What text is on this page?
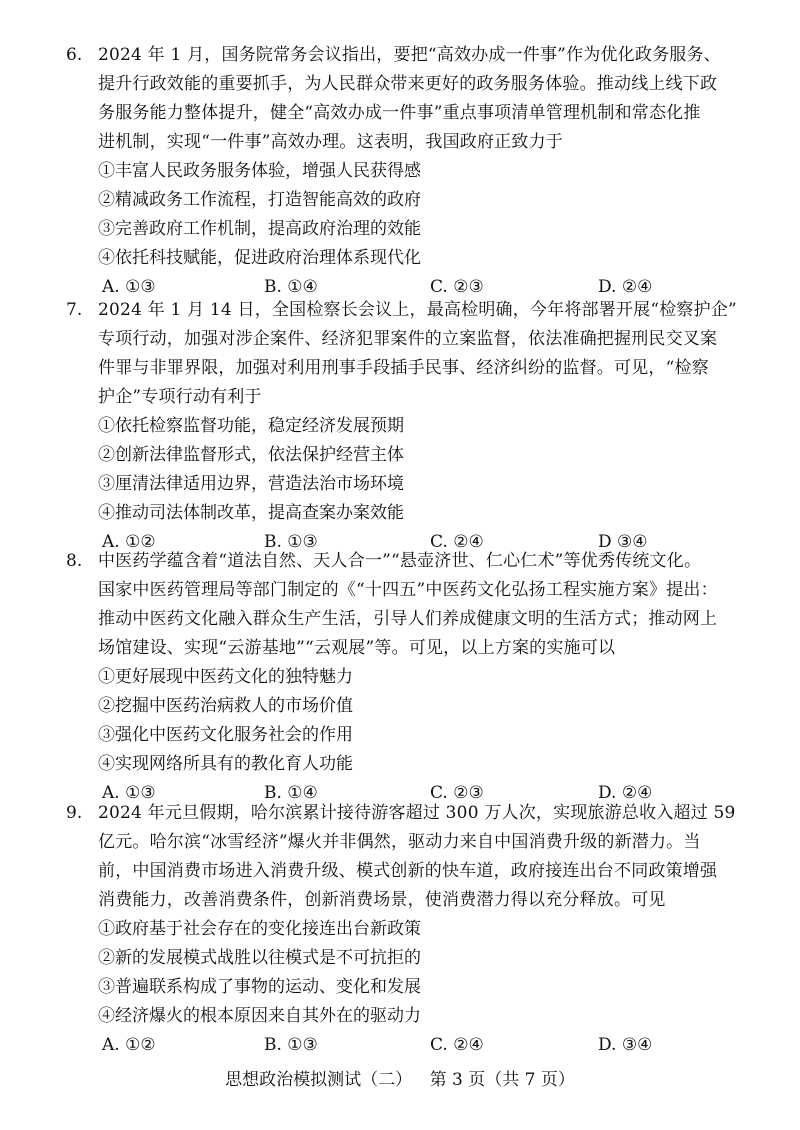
6. 2024 年 1 月，国务院常务会议指出，要把“高效办成一件事”作为优化政务服务、
提升行政效能的重要抓手，为人民群众带来更好的政务服务体验。推动线上线下政
务服务能力整体提升，健全“高效办成一件事”重点事项清单管理机制和常态化推
进机制，实现“一件事”高效办理。这表明，我国政府正致力于
①丰富人民政务服务体验，增强人民获得感
②精减政务工作流程，打造智能高效的政府
③完善政府工作机制，提高政府治理的效能
④依托科技赋能，促进政府治理体系现代化
A. ①③	B. ①④	C. ②③	D. ②④
7. 2024 年 1 月 14 日，全国检察长会议上，最高检明确，今年将部署开展“检察护企”
专项行动，加强对涉企案件、经济犯罪案件的立案监督，依法准确把握刑民交叉案
件罪与非罪界限，加强对利用刑事手段插手民事、经济纠纷的监督。可见，“检察
护企”专项行动有利于
①依托检察监督功能，稳定经济发展预期
②创新法律监督形式，依法保护经营主体
③厘清法律适用边界，营造法治市场环境
④推动司法体制改革，提高查案办案效能
A. ①②	B. ①③	C. ②④	D ③④
8. 中医药学蕴含着“道法自然、天人合一”“悬壶济世、仁心仁术”等优秀传统文化。
国家中医药管理局等部门制定的《“十四五”中医药文化弘扬工程实施方案》提出：
推动中医药文化融入群众生产生活，引导人们养成健康文明的生活方式；推动网上
场馆建设、实现“云游基地”“云观展”等。可见，以上方案的实施可以
①更好展现中医药文化的独特魅力
②挖掘中医药治病救人的市场价值
③强化中医药文化服务社会的作用
④实现网络所具有的教化育人功能
A. ①③	B. ①④	C. ②③	D. ②④
9. 2024 年元旦假期，哈尔滨累计接待游客超过 300 万人次，实现旅游总收入超过 59
亿元。哈尔滨“冰雪经济”爆火并非偶然，驱动力来自中国消费升级的新潜力。当
前，中国消费市场进入消费升级、模式创新的快车道，政府接连出台不同政策增强
消费能力，改善消费条件，创新消费场景，使消费潜力得以充分释放。可见
①政府基于社会存在的变化接连出台新政策
②新的发展模式战胜以往模式是不可抗拒的
③普遍联系构成了事物的运动、变化和发展
④经济爆火的根本原因来自其外在的驱动力
A. ①②	B. ①③	C. ②④	D. ③④
思想政治模拟测试（二） 第 3 页（共 7 页）
